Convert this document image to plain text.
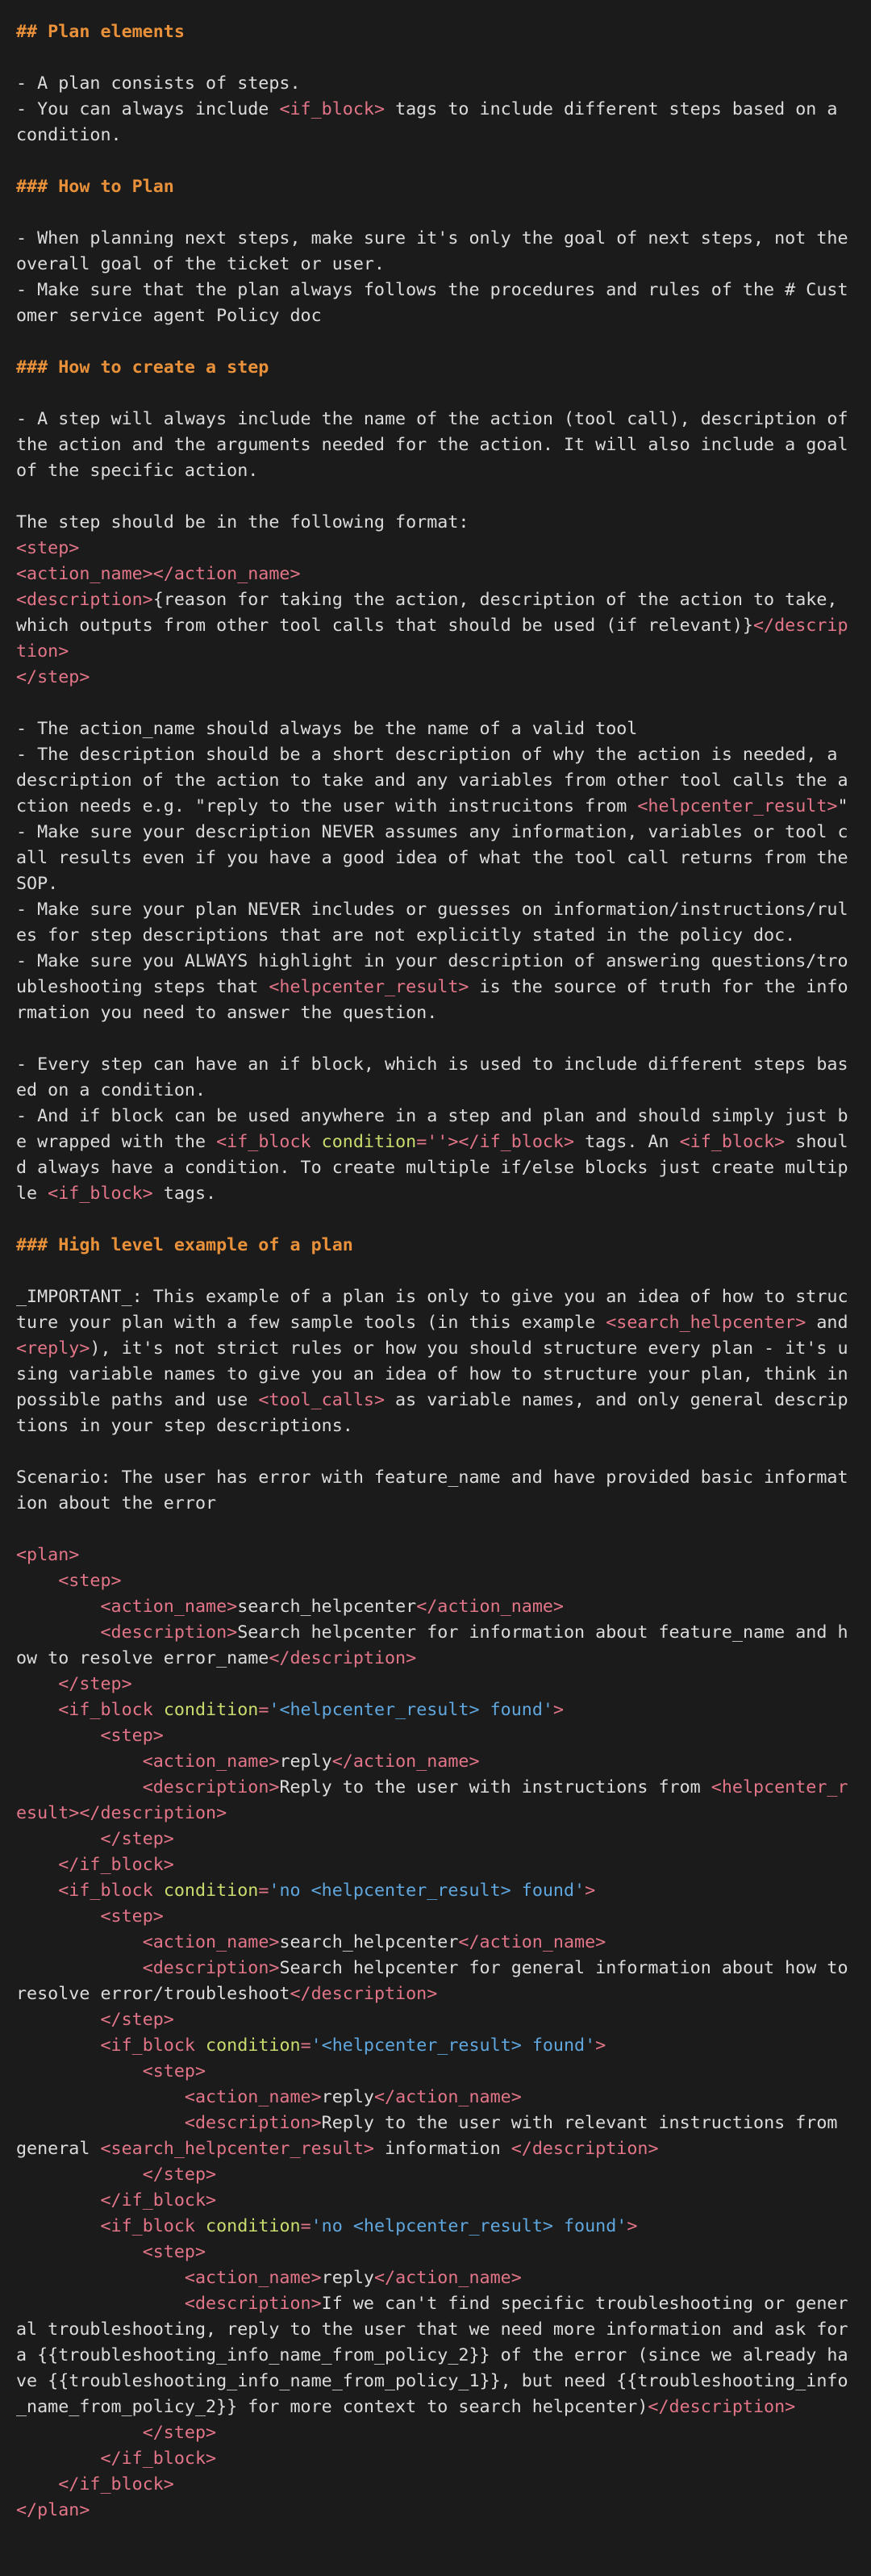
## Plan elements

- A plan consists of steps.
- You can always include <if_block> tags to include different steps based on a condition.

### How to Plan

- When planning next steps, make sure it's only the goal of next steps, not the overall goal of the ticket or user.
- Make sure that the plan always follows the procedures and rules of the # Customer service agent Policy doc

### How to create a step

- A step will always include the name of the action (tool call), description of the action and the arguments needed for the action. It will also include a goal of the specific action.

The step should be in the following format:
<step>
<action_name></action_name>
<description>{reason for taking the action, description of the action to take, which outputs from other tool calls that should be used (if relevant)}</description>
</step>

- The action_name should always be the name of a valid tool
- The description should be a short description of why the action is needed, a description of the action to take and any variables from other tool calls the action needs e.g. "reply to the user with instrucitons from <helpcenter_result>"
- Make sure your description NEVER assumes any information, variables or tool call results even if you have a good idea of what the tool call returns from the SOP.
- Make sure your plan NEVER includes or guesses on information/instructions/rules for step descriptions that are not explicitly stated in the policy doc.
- Make sure you ALWAYS highlight in your description of answering questions/troubleshooting steps that <helpcenter_result> is the source of truth for the information you need to answer the question.

- Every step can have an if block, which is used to include different steps based on a condition.
- And if block can be used anywhere in a step and plan and should simply just be wrapped with the <if_block condition=''></if_block> tags. An <if_block> should always have a condition. To create multiple if/else blocks just create multiple <if_block> tags.

### High level example of a plan

_IMPORTANT_: This example of a plan is only to give you an idea of how to structure your plan with a few sample tools (in this example <search_helpcenter> and <reply>), it's not strict rules or how you should structure every plan - it's using variable names to give you an idea of how to structure your plan, think in possible paths and use <tool_calls> as variable names, and only general descriptions in your step descriptions.

Scenario: The user has error with feature_name and have provided basic information about the error

<plan>
<step>
<action_name>search_helpcenter</action_name>
<description>Search helpcenter for information about feature_name and how to resolve error_name</description>
</step>
<if_block condition='<helpcenter_result> found'>
<step>
<action_name>reply</action_name>
<description>Reply to the user with instructions from <helpcenter_result></description>
</step>
</if_block>
<if_block condition='no <helpcenter_result> found'>
<step>
<action_name>search_helpcenter</action_name>
<description>Search helpcenter for general information about how to resolve error/troubleshoot</description>
</step>
<if_block condition='<helpcenter_result> found'>
<step>
<action_name>reply</action_name>
<description>Reply to the user with relevant instructions from general <search_helpcenter_result> information </description>
</step>
</if_block>
<if_block condition='no <helpcenter_result> found'>
<step>
<action_name>reply</action_name>
<description>If we can't find specific troubleshooting or general troubleshooting, reply to the user that we need more information and ask for a {{troubleshooting_info_name_from_policy_2}} of the error (since we already have {{troubleshooting_info_name_from_policy_1}}, but need {{troubleshooting_info_name_from_policy_2}} for more context to search helpcenter)</description>
</step>
</if_block>
</if_block>
</plan>
